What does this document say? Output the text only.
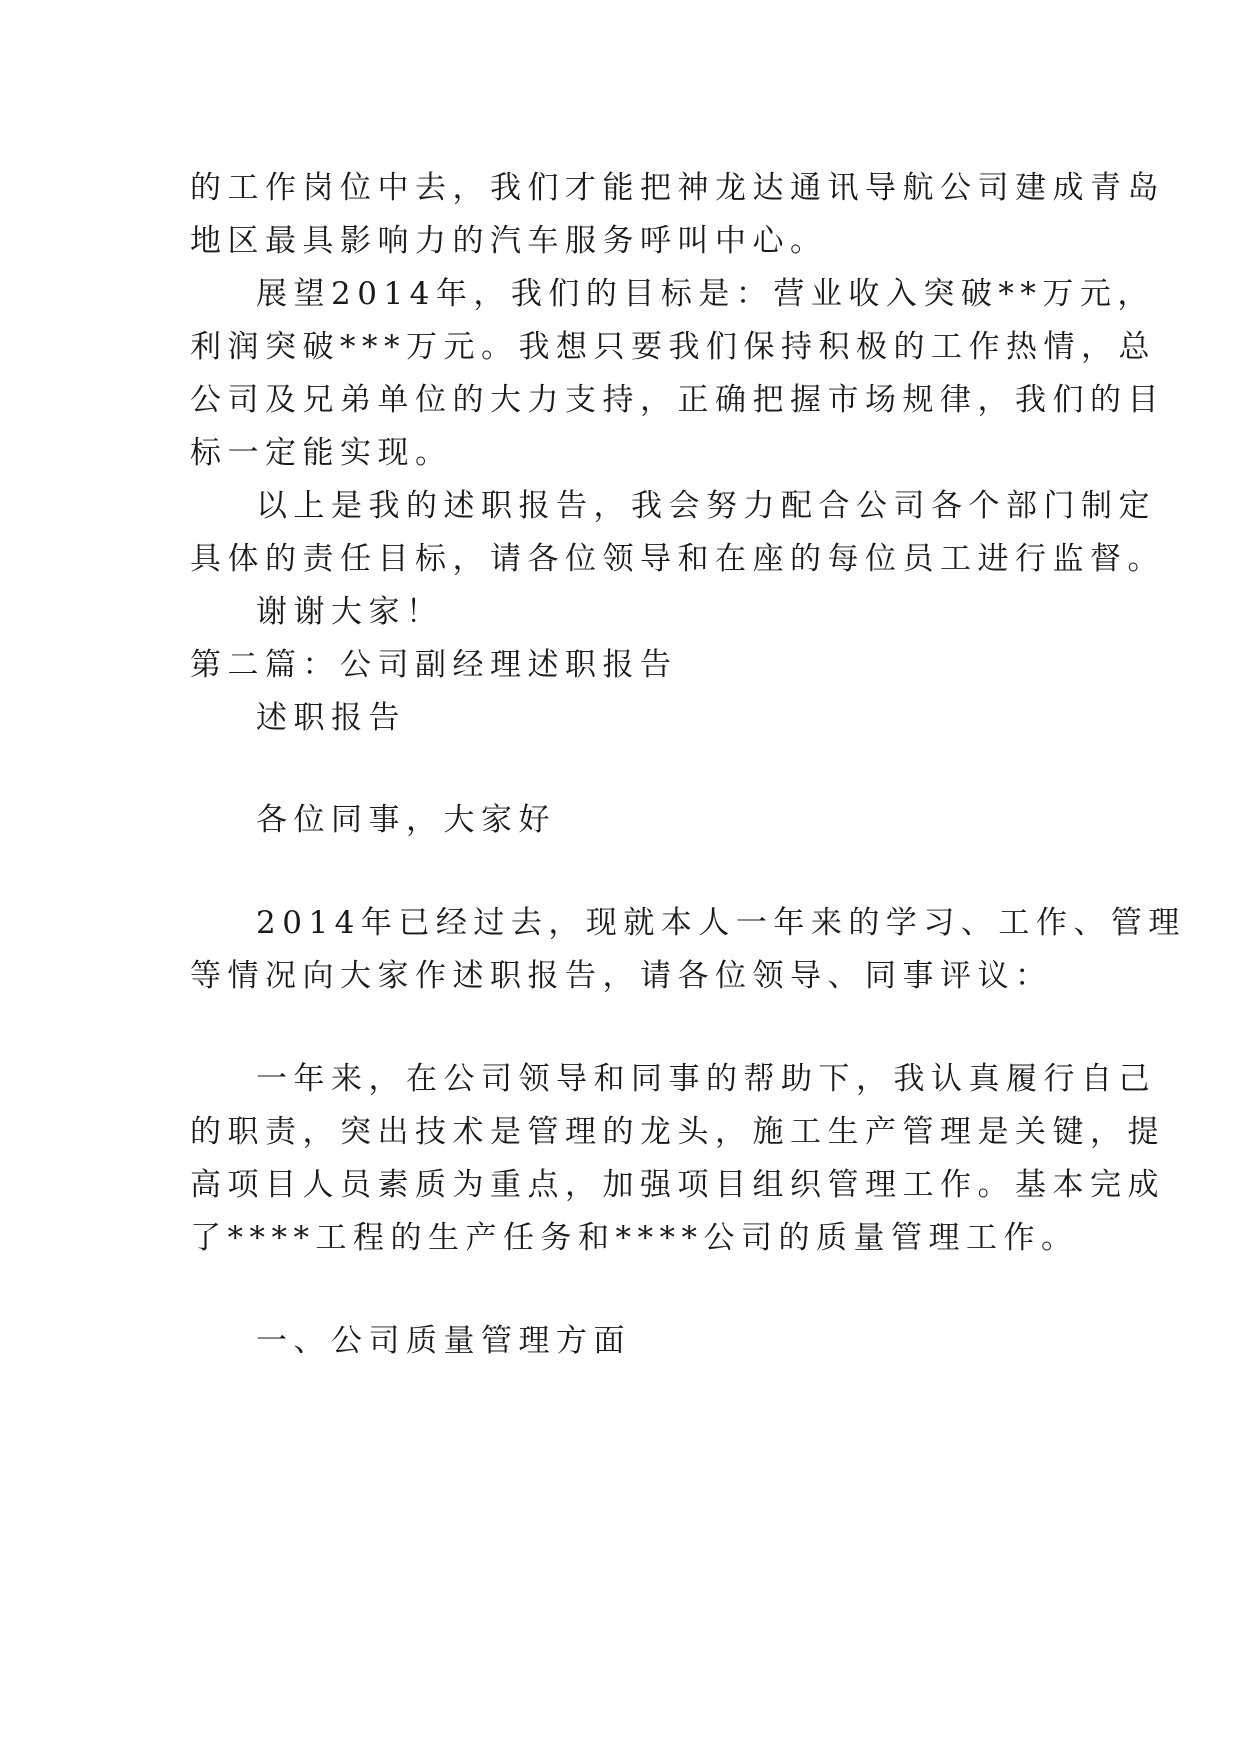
的工作岗位中去，我们才能把神龙达通讯导航公司建成青岛
地区最具影响力的汽车服务呼叫中心。
展望2014年，我们的目标是：营业收入突破**万元，
利润突破***万元。我想只要我们保持积极的工作热情，总
公司及兄弟单位的大力支持，正确把握市场规律，我们的目
标一定能实现。
以上是我的述职报告，我会努力配合公司各个部门制定
具体的责任目标，请各位领导和在座的每位员工进行监督。
谢谢大家！
第二篇：公司副经理述职报告
述职报告
各位同事，大家好
2014年已经过去，现就本人一年来的学习、工作、管理
等情况向大家作述职报告，请各位领导、同事评议：
一年来，在公司领导和同事的帮助下，我认真履行自己
的职责，突出技术是管理的龙头，施工生产管理是关键，提
高项目人员素质为重点，加强项目组织管理工作。基本完成
了****工程的生产任务和****公司的质量管理工作。
一、公司质量管理方面
